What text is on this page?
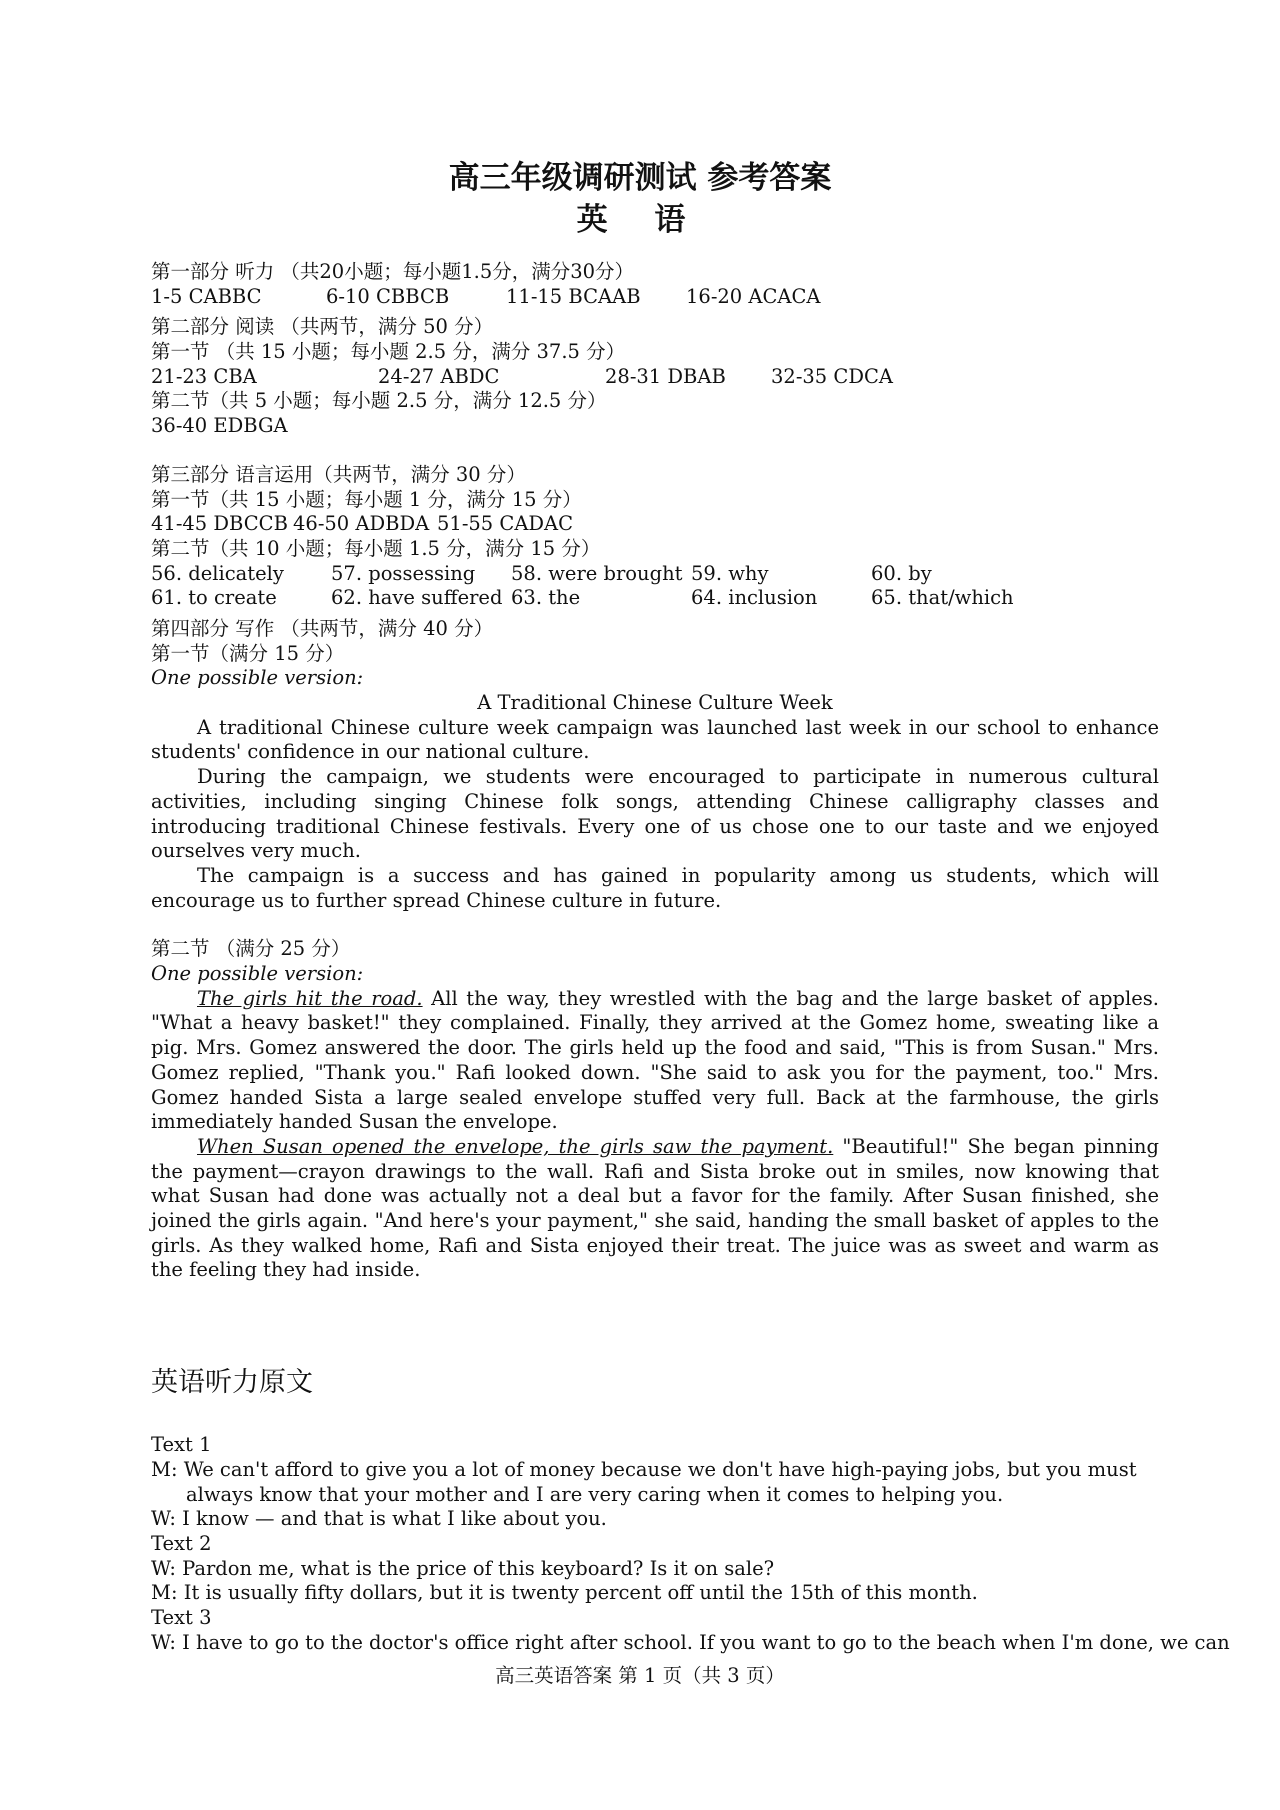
高三年级调研测试 参考答案
英 语
第一部分 听力 （共20小题；每小题1.5分，满分30分）
1-5 CABBC	6-10 CBBCB	11-15 BCAAB	16-20 ACACA
第二部分 阅读 （共两节，满分 50 分）
第一节 （共 15 小题；每小题 2.5 分，满分 37.5 分）
21-23 CBA	24-27 ABDC	28-31 DBAB	32-35 CDCA
第二节（共 5 小题；每小题 2.5 分，满分 12.5 分）
36-40 EDBGA
第三部分 语言运用（共两节，满分 30 分）
第一节（共 15 小题；每小题 1 分，满分 15 分）
41-45 DBCCB 46-50 ADBDA 51-55 CADAC
第二节（共 10 小题；每小题 1.5 分，满分 15 分）
56. delicately	57. possessing	58. were brought 59. why	60. by
61. to create	62. have suffered 63. the	64. inclusion	65. that/which
第四部分 写作 （共两节，满分 40 分）
第一节（满分 15 分）
One possible version:
A Traditional Chinese Culture Week
A traditional Chinese culture week campaign was launched last week in our school to enhance students' confidence in our national culture.
During the campaign, we students were encouraged to participate in numerous cultural activities, including singing Chinese folk songs, attending Chinese calligraphy classes and introducing traditional Chinese festivals. Every one of us chose one to our taste and we enjoyed ourselves very much.
The campaign is a success and has gained in popularity among us students, which will encourage us to further spread Chinese culture in future.
第二节 （满分 25 分）
One possible version:
The girls hit the road. All the way, they wrestled with the bag and the large basket of apples. "What a heavy basket!" they complained. Finally, they arrived at the Gomez home, sweating like a pig. Mrs. Gomez answered the door. The girls held up the food and said, "This is from Susan." Mrs. Gomez replied, "Thank you." Rafi looked down. "She said to ask you for the payment, too." Mrs. Gomez handed Sista a large sealed envelope stuffed very full. Back at the farmhouse, the girls immediately handed Susan the envelope.
When Susan opened the envelope, the girls saw the payment. "Beautiful!" She began pinning the payment—crayon drawings to the wall. Rafi and Sista broke out in smiles, now knowing that what Susan had done was actually not a deal but a favor for the family. After Susan finished, she joined the girls again. "And here's your payment," she said, handing the small basket of apples to the girls. As they walked home, Rafi and Sista enjoyed their treat. The juice was as sweet and warm as the feeling they had inside.
英语听力原文
Text 1
M: We can't afford to give you a lot of money because we don't have high-paying jobs, but you must always know that your mother and I are very caring when it comes to helping you.
W: I know — and that is what I like about you.
Text 2
W: Pardon me, what is the price of this keyboard? Is it on sale?
M: It is usually fifty dollars, but it is twenty percent off until the 15th of this month.
Text 3
W: I have to go to the doctor's office right after school. If you want to go to the beach when I'm done, we can
高三英语答案 第 1 页（共 3 页）
